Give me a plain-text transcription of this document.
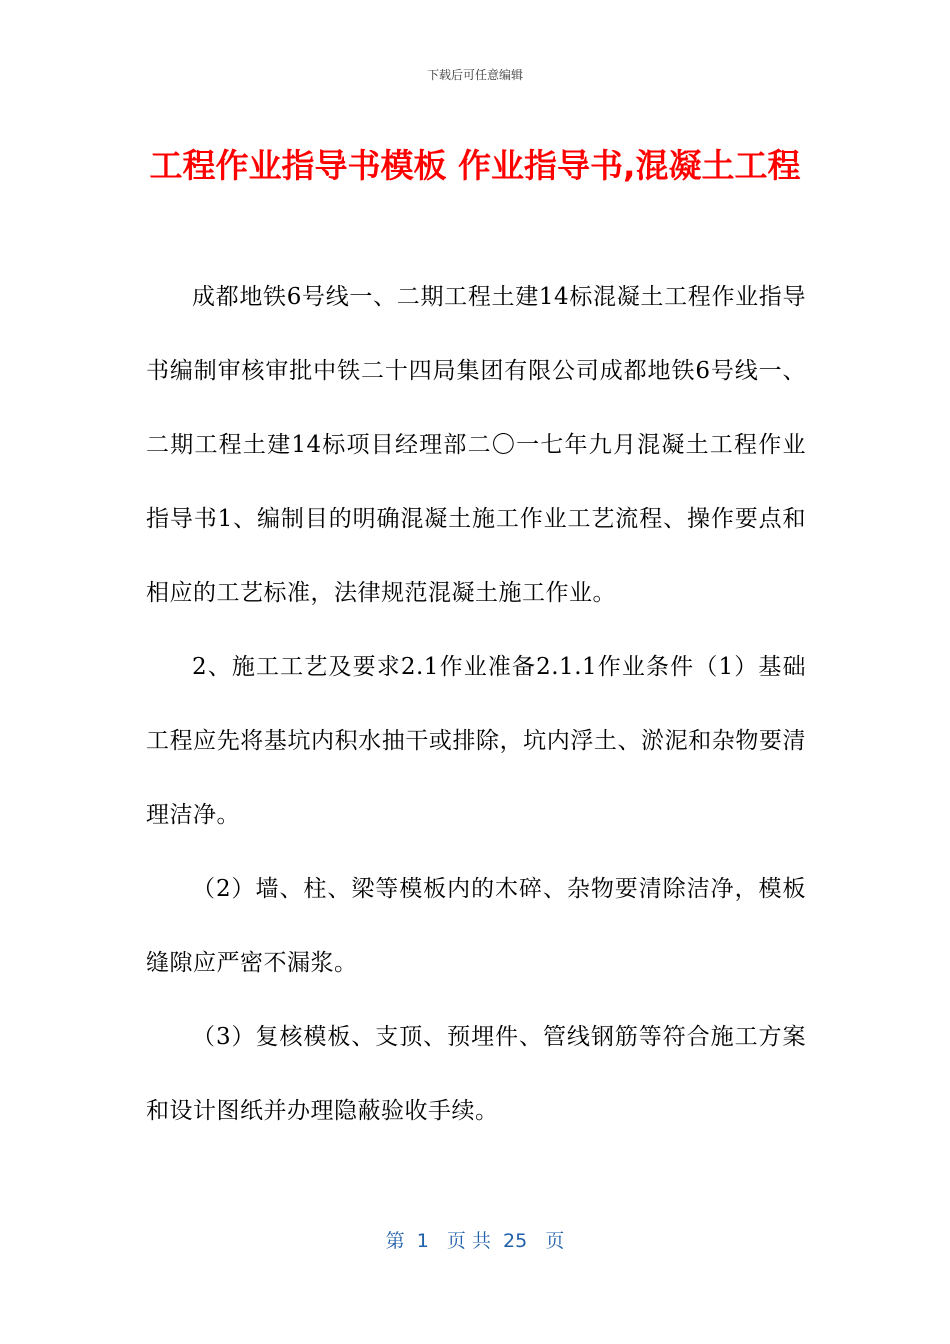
下载后可任意编辑
工程作业指导书模板 作业指导书,混凝土工程

成都地铁6号线一、二期工程土建14标混凝土工程作业指导书编制审核审批中铁二十四局集团有限公司成都地铁6号线一、二期工程土建14标项目经理部二〇一七年九月混凝土工程作业指导书1、编制目的明确混凝土施工作业工艺流程、操作要点和相应的工艺标准，法律规范混凝土施工作业。

2、施工工艺及要求2.1作业准备2.1.1作业条件（1）基础工程应先将基坑内积水抽干或排除，坑内浮土、淤泥和杂物要清理洁净。

（2）墙、柱、梁等模板内的木碎、杂物要清除洁净，模板缝隙应严密不漏浆。

（3）复核模板、支顶、预埋件、管线钢筋等符合施工方案和设计图纸并办理隐蔽验收手续。

第  1   页 共  25   页
